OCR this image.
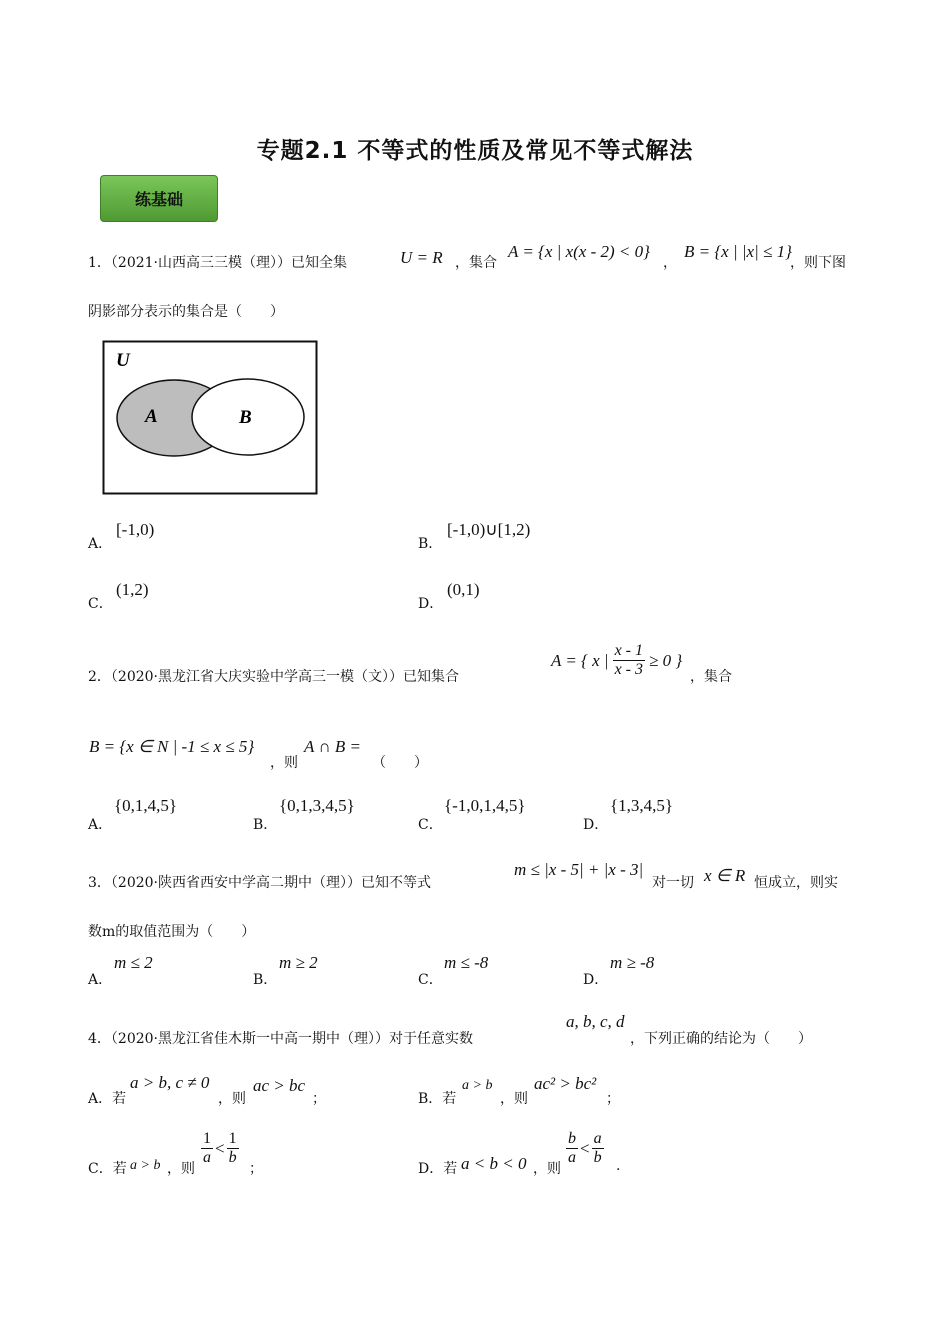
专题2.1 不等式的性质及常见不等式解法
练基础
1．（2021·山西高三三模（理））已知全集	U = R ，集合
A = {x | x(x - 2) < 0}
，
B = {x | |x| ≤ 1}
，则下图
阴影部分表示的集合是（　　）
U
A	B
A．
[-1,0)
B．
[-1,0)∪[1,2)
C．
(1,2)
D．
(0,1)
2．（2020·黑龙江省大庆实验中学高三一模（文））已知集合
A = { x | $\frac{x - 1}{x - 3} \ge 0$ }
，集合
B = {x ∈ N | -1 ≤ x ≤ 5}
，则
A ∩ B =
（　　）
A．
{0,1,4,5}
B．
{0,1,3,4,5}
C．
{-1,0,1,4,5}
D．
{1,3,4,5}
3．（2020·陕西省西安中学高二期中（理））已知不等式
m ≤ |x - 5| + |x - 3|
对一切 x ∈ R 恒成立，则实
数m的取值范围为（　　）
A．
m ≤ 2
B．
m ≥ 2
C．
m ≤ -8
D．
m ≥ -8
4．（2020·黑龙江省佳木斯一中高一期中（理））对于任意实数
a, b, c, d
，下列正确的结论为（　　）
A．若
a > b, c ≠ 0
，则
ac > bc
；	B．若
a > b
，则
ac² > bc²
；
C．若 a > b ，则
$\frac{1}{a} < \frac{1}{b}$
；	D．若 a < b < 0 ，则
$\frac{b}{a} < \frac{a}{b}$ .
